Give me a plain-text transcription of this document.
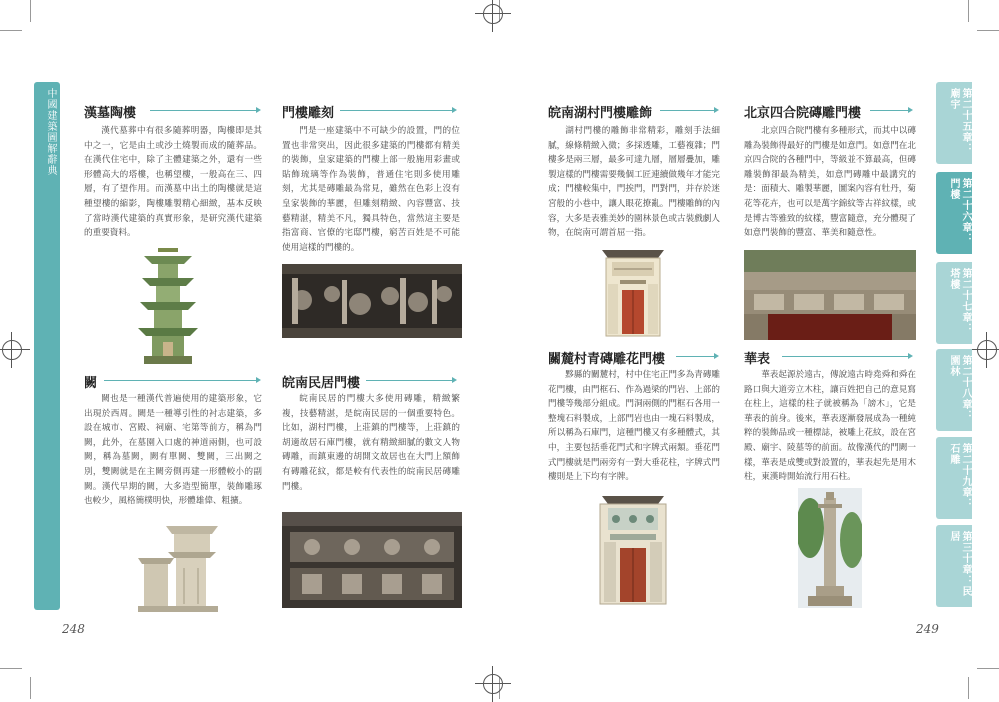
中國建築圖解辭典	第二十五章：廟宇
第二十六章：門樓
第二十七章：塔樓
第二十八章：園林
第二十九章：石雕
第三十章：民居
漢墓陶樓
漢代墓葬中有很多隨葬明器，陶樓即是其中之一，它是由土或沙土燒製而成的隨葬品。在漢代住宅中，除了主體建築之外，還有一些形體高大的塔樓，也稱望樓，一般高在三、四層，有了望作用。而漢墓中出土的陶樓就是這種望樓的縮影，陶樓雕製精心細緻，基本反映了當時漢代建築的真實形象，是研究漢代建築的重要資料。
闕
闕也是一種漢代普遍使用的建築形象，它出現於西周。闕是一種導引性的衬志建築，多設在城市、宮殿、祠廟、宅第等前方，稱為門闕，此外，在墓園入口處的神道兩側，也可設闕，稱為墓闕，闕有單闕、雙闕，三出闕之別，雙闕就是在主闕旁側再建一形體較小的副闕。漢代早期的闕，大多造型簡單，裝飾雕琢也較少，風格簡樸明快，形體雄偉、粗擴。
門樓雕刻
門是一座建築中不可缺少的設置，門的位置也非常突出，因此很多建築的門樓都有精美的裝飾，皇家建築的門樓上部一般施用彩畫或貼飾琉璃等作為裝飾，普通住宅則多使用雕刻，尤其是磚雕最為常見，雖然在色彩上沒有皇家裝飾的華麗，但雕刻精緻、內容豐富、技藝精湛，精美不凡，獨具特色，當然這主要是指富商、官僚的宅邸門樓，窮苦百姓是不可能使用這樣的門樓的。
皖南民居門樓
皖南民居的門樓大多使用磚雕，精緻繁複，技藝精湛，是皖南民居的一個重要特色。比如，湖村門樓，上莊鎮的門樓等，上莊鎮的胡適故居石庫門樓，就有精緻細膩的數文人物磚雕，而鎮東邊的胡開文故居也在大門上額飾有磚雕花紋，都是較有代表性的皖南民居磚雕門樓。
248
皖南湖村門樓雕飾
湖村門樓的雕飾非常精彩，雕刻手法細膩，線條精緻入微；多採透雕，工藝複雜；門樓多是兩三層，最多可達九層，層層疊加，雕製這樣的門樓需要幾個工匠連續做幾年才能完成；門樓較集中，門挨門，門對門，并存於迷宮般的小巷中，讓人眼花撩亂。門樓雕飾的內容，大多是表雅美妙的園林景色或古裝戲劇人物，在皖南可謂首屈一指。
關麓村青磚雕花門樓
黟縣的關麓村，村中住宅正門多為青磚雕花門樓，由門框石、作為過梁的門岩、上部的門樓等幾部分組成。門洞兩側的門框石各用一整塊石料製成，上部門岩也由一塊石料製成，所以稱為石庫門，這種門樓又有多種體式，其中，主要包括垂花門式和字牌式兩類。垂花門式門樓就是門兩旁有一對大垂花柱，字牌式門樓則是上下均有字牌。
北京四合院磚雕門樓
北京四合院門樓有多種形式，而其中以磚雕為裝飾得最好的門樓是如意門。如意門在北京四合院的各種門中，等級並不算最高，但磚雕裝飾卻最為精美，如意門磚雕中最講究的是：面積大、雕製華麗，圖案內容有牡丹，菊花等花卉，也可以是萬字錦紋等古祥紋樣，或是博古等雅致的紋樣，豐富隨意，充分體現了如意門裝飾的豐富、華美和隨意性。
華表
華表起源於遠古，傳說遠古時堯舜和舜在路口與大道旁立木柱，讓百姓把自己的意見寫在柱上，這樣的柱子就被稱為「謗木」，它是華表的前身。後來，華表逐漸發展成為一種純粹的裝飾品或一種標誌，被雕上花紋，設在宮殿、廟宇、陵墓等的前面。故像漢代的門闕一樣，華表是成雙或對設置的，華表起先是用木柱，東漢時開始流行用石柱。
249
